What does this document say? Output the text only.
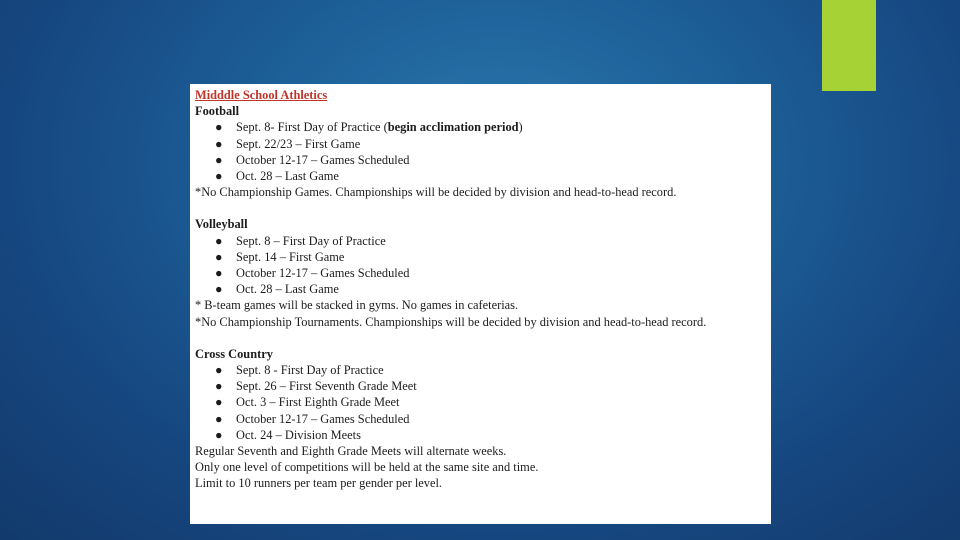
Midddle School Athletics
Football
● Sept. 8- First Day of Practice (begin acclimation period)
● Sept. 22/23 – First Game
● October 12-17 – Games Scheduled
● Oct. 28 – Last Game
*No Championship Games. Championships will be decided by division and head-to-head record.
Volleyball
● Sept. 8 – First Day of Practice
● Sept. 14 – First Game
● October 12-17 – Games Scheduled
● Oct. 28 – Last Game
* B-team games will be stacked in gyms. No games in cafeterias.
*No Championship Tournaments. Championships will be decided by division and head-to-head record.
Cross Country
● Sept. 8 - First Day of Practice
● Sept. 26 – First Seventh Grade Meet
● Oct. 3 – First Eighth Grade Meet
● October 12-17 – Games Scheduled
● Oct. 24 – Division Meets
Regular Seventh and Eighth Grade Meets will alternate weeks.
Only one level of competitions will be held at the same site and time.
Limit to 10 runners per team per gender per level.
